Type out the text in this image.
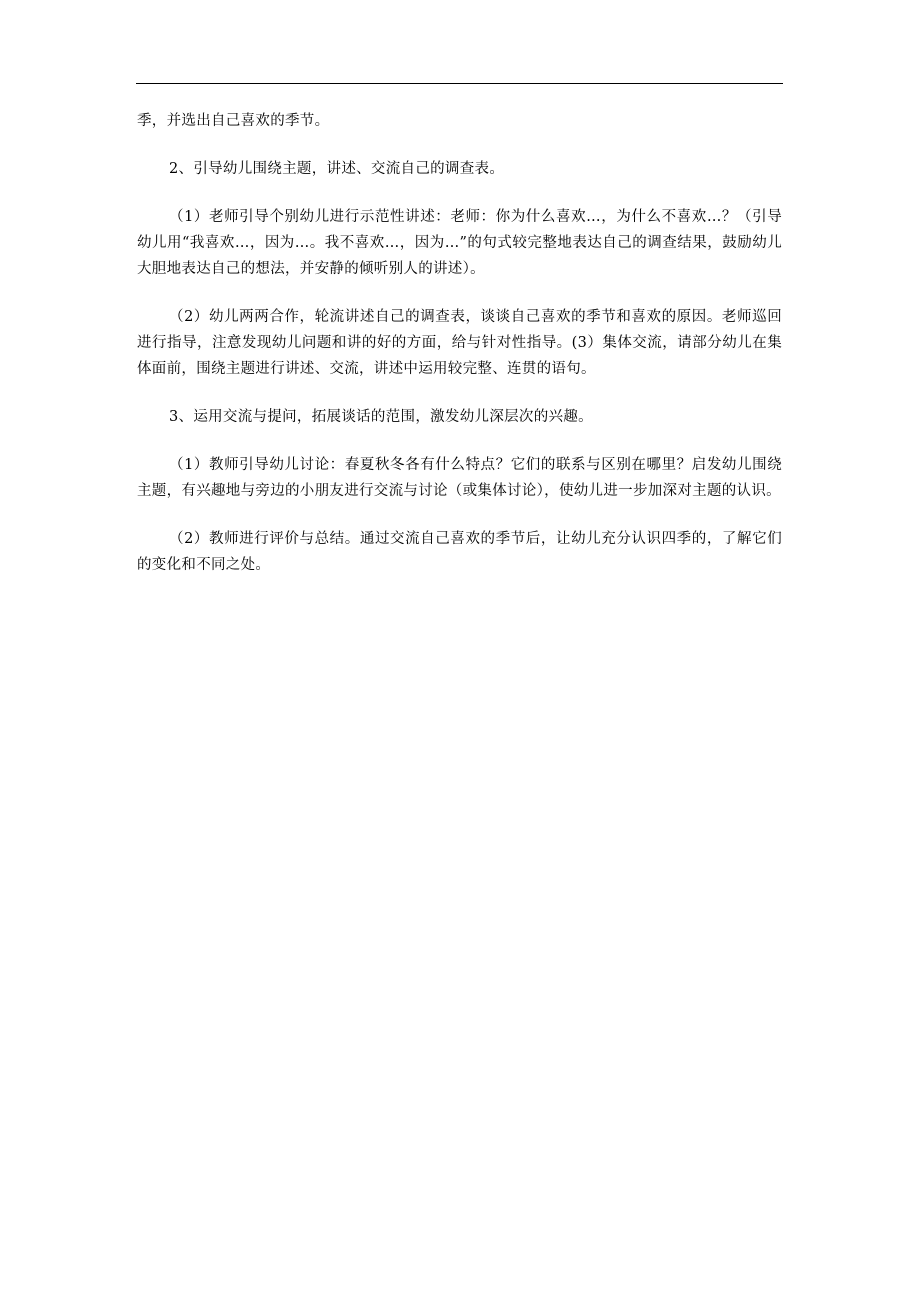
季，并选出自己喜欢的季节。

2、引导幼儿围绕主题，讲述、交流自己的调查表。

（1）老师引导个别幼儿进行示范性讲述：老师：你为什么喜欢…，为什么不喜欢…？（引导幼儿用“我喜欢…，因为…。我不喜欢…，因为…”的句式较完整地表达自己的调查结果，鼓励幼儿大胆地表达自己的想法，并安静的倾听别人的讲述）。

（2）幼儿两两合作，轮流讲述自己的调查表，谈谈自己喜欢的季节和喜欢的原因。老师巡回进行指导，注意发现幼儿问题和讲的好的方面，给与针对性指导。(3）集体交流，请部分幼儿在集体面前，围绕主题进行讲述、交流，讲述中运用较完整、连贯的语句。

3、运用交流与提问，拓展谈话的范围，激发幼儿深层次的兴趣。

（1）教师引导幼儿讨论：春夏秋冬各有什么特点？它们的联系与区别在哪里？启发幼儿围绕主题，有兴趣地与旁边的小朋友进行交流与讨论（或集体讨论），使幼儿进一步加深对主题的认识。

（2）教师进行评价与总结。通过交流自己喜欢的季节后，让幼儿充分认识四季的，了解它们的变化和不同之处。
